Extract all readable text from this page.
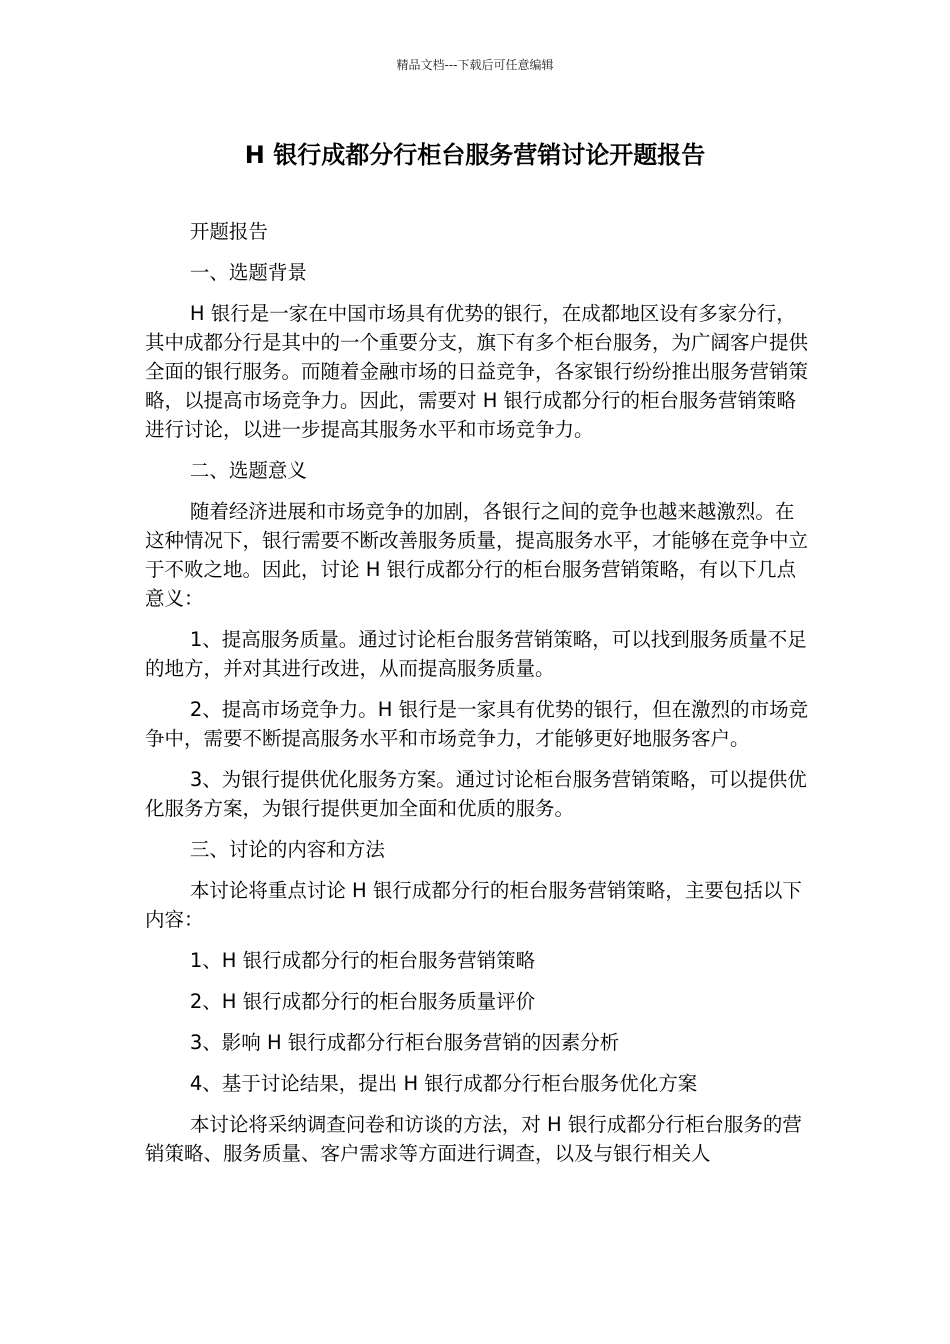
精品文档---下载后可任意编辑
H 银行成都分行柜台服务营销讨论开题报告

开题报告

一、选题背景

H 银行是一家在中国市场具有优势的银行，在成都地区设有多家分行，其中成都分行是其中的一个重要分支，旗下有多个柜台服务，为广阔客户提供全面的银行服务。而随着金融市场的日益竞争，各家银行纷纷推出服务营销策略，以提高市场竞争力。因此，需要对 H 银行成都分行的柜台服务营销策略进行讨论，以进一步提高其服务水平和市场竞争力。

二、选题意义

随着经济进展和市场竞争的加剧，各银行之间的竞争也越来越激烈。在这种情况下，银行需要不断改善服务质量，提高服务水平，才能够在竞争中立于不败之地。因此，讨论 H 银行成都分行的柜台服务营销策略，有以下几点意义：

1、提高服务质量。通过讨论柜台服务营销策略，可以找到服务质量不足的地方，并对其进行改进，从而提高服务质量。

2、提高市场竞争力。H 银行是一家具有优势的银行，但在激烈的市场竞争中，需要不断提高服务水平和市场竞争力，才能够更好地服务客户。

3、为银行提供优化服务方案。通过讨论柜台服务营销策略，可以提供优化服务方案，为银行提供更加全面和优质的服务。

三、讨论的内容和方法

本讨论将重点讨论 H 银行成都分行的柜台服务营销策略，主要包括以下内容：

1、H 银行成都分行的柜台服务营销策略

2、H 银行成都分行的柜台服务质量评价

3、影响 H 银行成都分行柜台服务营销的因素分析

4、基于讨论结果，提出 H 银行成都分行柜台服务优化方案

本讨论将采纳调查问卷和访谈的方法，对 H 银行成都分行柜台服务的营销策略、服务质量、客户需求等方面进行调查，以及与银行相关人
